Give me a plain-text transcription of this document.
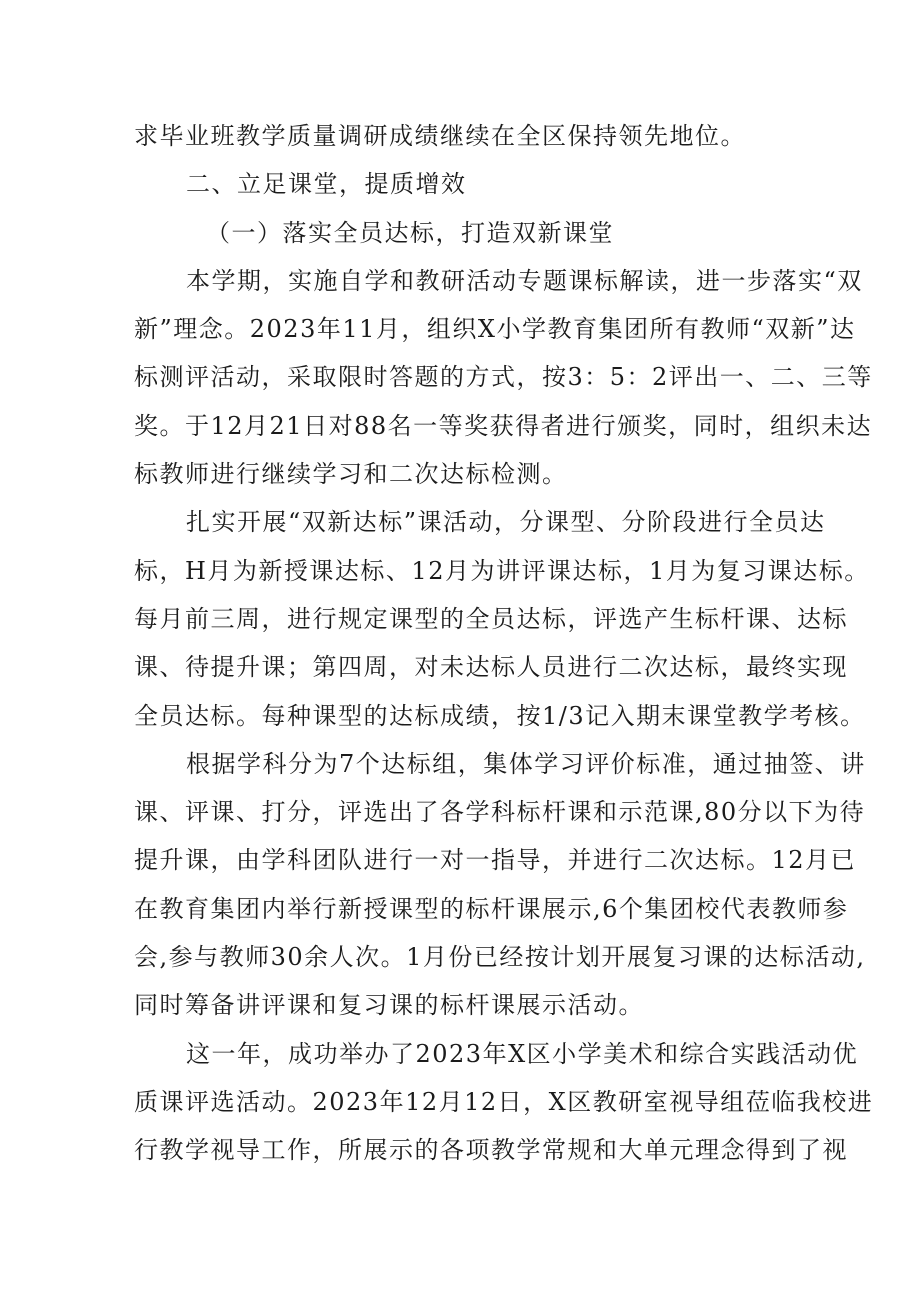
求毕业班教学质量调研成绩继续在全区保持领先地位。
二、立足课堂，提质增效
（一）落实全员达标，打造双新课堂
本学期，实施自学和教研活动专题课标解读，进一步落实“双
新”理念。2023年11月，组织X小学教育集团所有教师“双新”达
标测评活动，采取限时答题的方式，按3：5：2评出一、二、三等
奖。于12月21日对88名一等奖获得者进行颁奖，同时，组织未达
标教师进行继续学习和二次达标检测。
扎实开展“双新达标”课活动，分课型、分阶段进行全员达
标，H月为新授课达标、12月为讲评课达标，1月为复习课达标。
每月前三周，进行规定课型的全员达标，评选产生标杆课、达标
课、待提升课；第四周，对未达标人员进行二次达标，最终实现
全员达标。每种课型的达标成绩，按1/3记入期末课堂教学考核。
根据学科分为7个达标组，集体学习评价标准，通过抽签、讲
课、评课、打分，评选出了各学科标杆课和示范课,80分以下为待
提升课，由学科团队进行一对一指导，并进行二次达标。12月已
在教育集团内举行新授课型的标杆课展示,6个集团校代表教师参
会,参与教师30余人次。1月份已经按计划开展复习课的达标活动,
同时筹备讲评课和复习课的标杆课展示活动。
这一年，成功举办了2023年X区小学美术和综合实践活动优
质课评选活动。2023年12月12日，X区教研室视导组莅临我校进
行教学视导工作，所展示的各项教学常规和大单元理念得到了视
